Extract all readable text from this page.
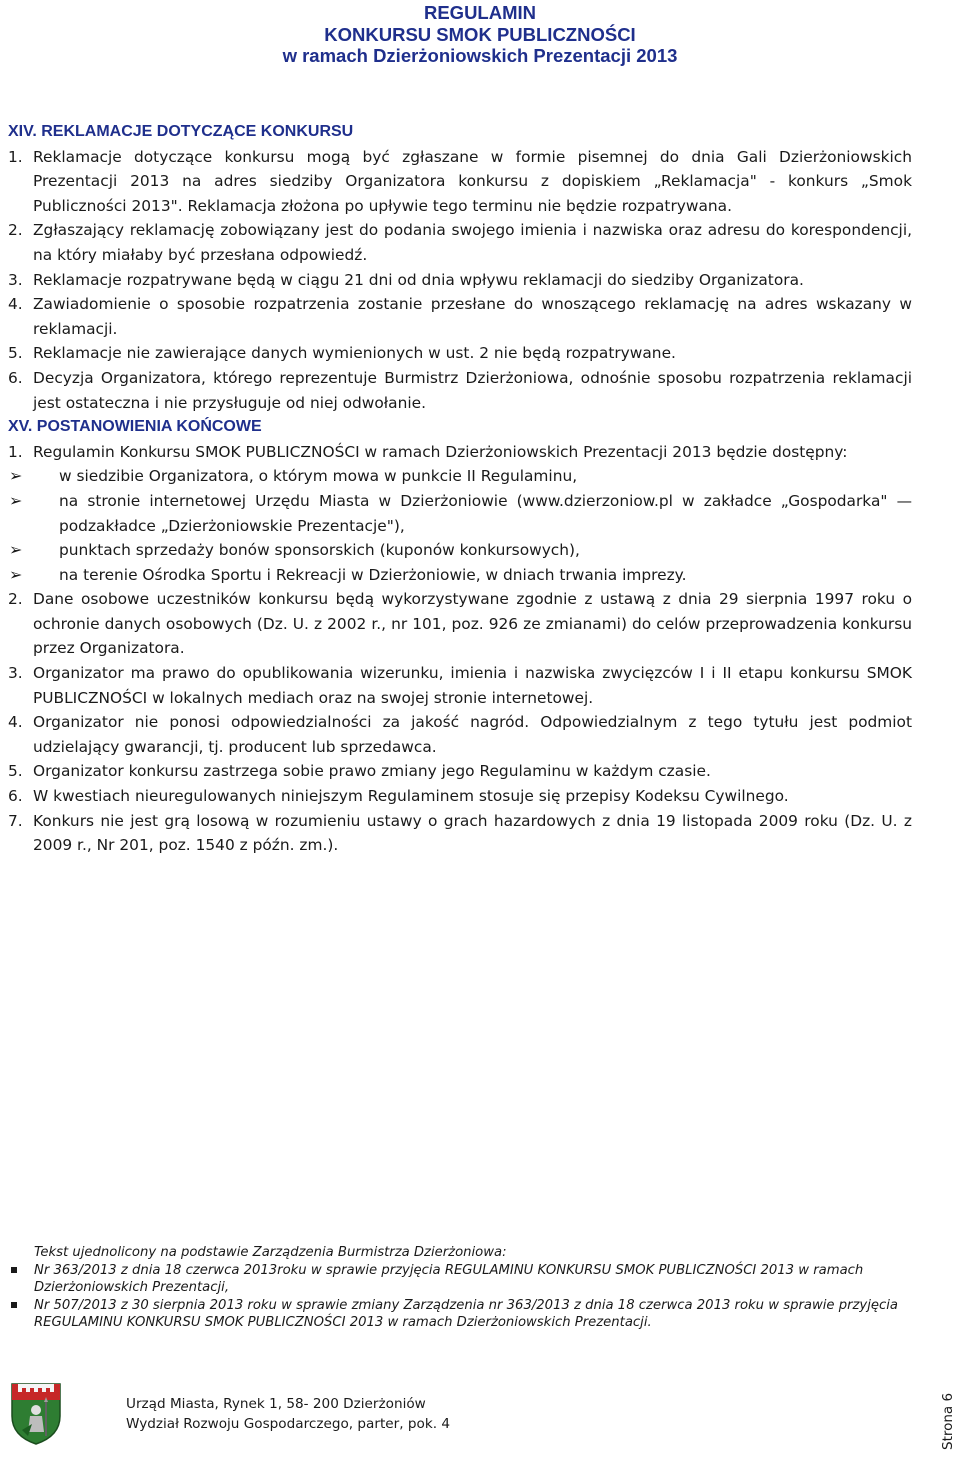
REGULAMIN
KONKURSU SMOK PUBLICZNOŚCI
w ramach Dzierżoniowskich Prezentacji 2013
XIV. REKLAMACJE DOTYCZĄCE KONKURSU
1. Reklamacje dotyczące konkursu mogą być zgłaszane w formie pisemnej do dnia Gali Dzierżoniowskich Prezentacji 2013 na adres siedziby Organizatora konkursu z dopiskiem „Reklamacja" - konkurs „Smok Publiczności 2013". Reklamacja złożona po upływie tego terminu nie będzie rozpatrywana.
2. Zgłaszający reklamację zobowiązany jest do podania swojego imienia i nazwiska oraz adresu do korespondencji, na który miałaby być przesłana odpowiedź.
3. Reklamacje rozpatrywane będą w ciągu 21 dni od dnia wpływu reklamacji do siedziby Organizatora.
4. Zawiadomienie o sposobie rozpatrzenia zostanie przesłane do wnoszącego reklamację na adres wskazany w reklamacji.
5. Reklamacje nie zawierające danych wymienionych w ust. 2 nie będą rozpatrywane.
6. Decyzja Organizatora, którego reprezentuje Burmistrz Dzierżoniowa, odnośnie sposobu rozpatrzenia reklamacji jest ostateczna i nie przysługuje od niej odwołanie.
XV. POSTANOWIENIA KOŃCOWE
1. Regulamin Konkursu SMOK PUBLICZNOŚCI w ramach Dzierżoniowskich Prezentacji 2013 będzie dostępny:
➢ w siedzibie Organizatora, o którym mowa w punkcie II Regulaminu,
➢ na stronie internetowej Urzędu Miasta w Dzierżoniowie (www.dzierzoniow.pl w zakładce „Gospodarka" — podzakładce „Dzierżoniowskie Prezentacje"),
➢ punktach sprzedaży bonów sponsorskich (kuponów konkursowych),
➢ na terenie Ośrodka Sportu i Rekreacji w Dzierżoniowie, w dniach trwania imprezy.
2. Dane osobowe uczestników konkursu będą wykorzystywane zgodnie z ustawą z dnia 29 sierpnia 1997 roku o ochronie danych osobowych (Dz. U. z 2002 r., nr 101, poz. 926 ze zmianami) do celów przeprowadzenia konkursu przez Organizatora.
3. Organizator ma prawo do opublikowania wizerunku, imienia i nazwiska zwycięzców I i II etapu konkursu SMOK PUBLICZNOŚCI w lokalnych mediach oraz na swojej stronie internetowej.
4. Organizator nie ponosi odpowiedzialności za jakość nagród. Odpowiedzialnym z tego tytułu jest podmiot udzielający gwarancji, tj. producent lub sprzedawca.
5. Organizator konkursu zastrzega sobie prawo zmiany jego Regulaminu w każdym czasie.
6. W kwestiach nieuregulowanych niniejszym Regulaminem stosuje się przepisy Kodeksu Cywilnego.
7. Konkurs nie jest grą losową w rozumieniu ustawy o grach hazardowych z dnia 19 listopada 2009 roku (Dz. U. z 2009 r., Nr 201, poz. 1540 z późn. zm.).
Tekst ujednolicony na podstawie Zarządzenia Burmistrza Dzierżoniowa:
Nr 363/2013 z dnia 18 czerwca 2013roku w sprawie przyjęcia REGULAMINU KONKURSU SMOK PUBLICZNOŚCI 2013 w ramach Dzierżoniowskich Prezentacji,
Nr 507/2013 z 30 sierpnia 2013 roku w sprawie zmiany Zarządzenia nr 363/2013 z dnia 18 czerwca 2013 roku w sprawie przyjęcia REGULAMINU KONKURSU SMOK PUBLICZNOŚCI 2013 w ramach Dzierżoniowskich Prezentacji.
Urząd Miasta, Rynek 1, 58- 200 Dzierżoniów
Wydział Rozwoju Gospodarczego, parter, pok. 4	Strona 6
